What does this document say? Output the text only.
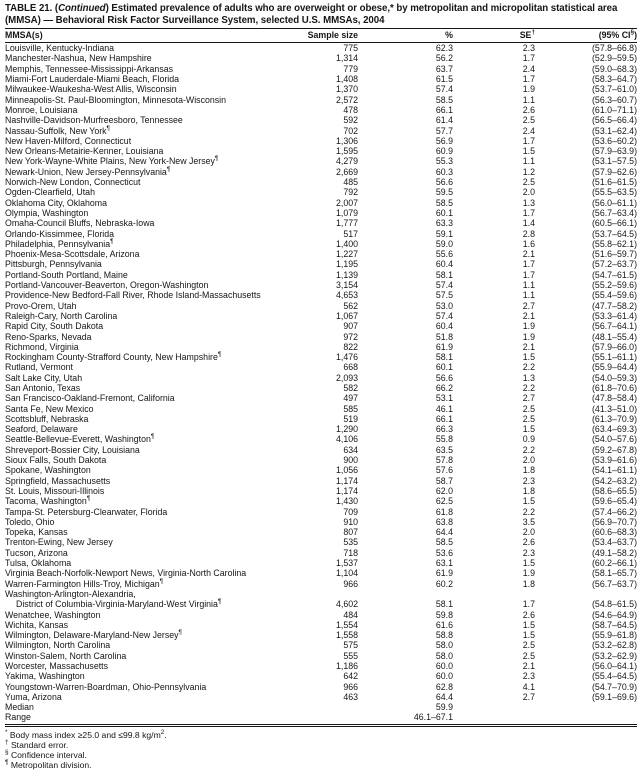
TABLE 21. (Continued) Estimated prevalence of adults who are overweight or obese,* by metropolitan and micropolitan statistical area (MMSA) — Behavioral Risk Factor Surveillance System, selected U.S. MMSAs, 2004
MMSA(s)	Sample size	%	SE†	(95% CI§)
Louisville, Kentucky-Indiana	775	62.3	2.3	(57.8–66.8)
Manchester-Nashua, New Hampshire	1,314	56.2	1.7	(52.9–59.5)
Memphis, Tennessee-Mississippi-Arkansas	779	63.7	2.4	(59.0–68.3)
Miami-Fort Lauderdale-Miami Beach, Florida	1,408	61.5	1.7	(58.3–64.7)
Milwaukee-Waukesha-West Allis, Wisconsin	1,370	57.4	1.9	(53.7–61.0)
Minneapolis-St. Paul-Bloomington, Minnesota-Wisconsin	2,572	58.5	1.1	(56.3–60.7)
Monroe, Louisiana	478	66.1	2.6	(61.0–71.1)
Nashville-Davidson-Murfreesboro, Tennessee	592	61.4	2.5	(56.5–66.4)
Nassau-Suffolk, New York¶	702	57.7	2.4	(53.1–62.4)
New Haven-Milford, Connecticut	1,306	56.9	1.7	(53.6–60.2)
New Orleans-Metairie-Kenner, Louisiana	1,595	60.9	1.5	(57.9–63.9)
New York-Wayne-White Plains, New York-New Jersey¶	4,279	55.3	1.1	(53.1–57.5)
Newark-Union, New Jersey-Pennsylvania¶	2,669	60.3	1.2	(57.9–62.6)
Norwich-New London, Connecticut	485	56.6	2.5	(51.6–61.5)
Ogden-Clearfield, Utah	792	59.5	2.0	(55.5–63.5)
Oklahoma City, Oklahoma	2,007	58.5	1.3	(56.0–61.1)
Olympia, Washington	1,079	60.1	1.7	(56.7–63.4)
Omaha-Council Bluffs, Nebraska-Iowa	1,777	63.3	1.4	(60.5–66.1)
Orlando-Kissimmee, Florida	517	59.1	2.8	(53.7–64.5)
Philadelphia, Pennsylvania¶	1,400	59.0	1.6	(55.8–62.1)
Phoenix-Mesa-Scottsdale, Arizona	1,227	55.6	2.1	(51.6–59.7)
Pittsburgh, Pennsylvania	1,195	60.4	1.7	(57.2–63.7)
Portland-South Portland, Maine	1,139	58.1	1.7	(54.7–61.5)
Portland-Vancouver-Beaverton, Oregon-Washington	3,154	57.4	1.1	(55.2–59.6)
Providence-New Bedford-Fall River, Rhode Island-Massachusetts	4,653	57.5	1.1	(55.4–59.6)
Provo-Orem, Utah	562	53.0	2.7	(47.7–58.2)
Raleigh-Cary, North Carolina	1,067	57.4	2.1	(53.3–61.4)
Rapid City, South Dakota	907	60.4	1.9	(56.7–64.1)
Reno-Sparks, Nevada	972	51.8	1.9	(48.1–55.4)
Richmond, Virginia	822	61.9	2.1	(57.9–66.0)
Rockingham County-Strafford County, New Hampshire¶	1,476	58.1	1.5	(55.1–61.1)
Rutland, Vermont	668	60.1	2.2	(55.9–64.4)
Salt Lake City, Utah	2,093	56.6	1.3	(54.0–59.3)
San Antonio, Texas	582	66.2	2.2	(61.8–70.6)
San Francisco-Oakland-Fremont, California	497	53.1	2.7	(47.8–58.4)
Santa Fe, New Mexico	585	46.1	2.5	(41.3–51.0)
Scottsbluff, Nebraska	519	66.1	2.5	(61.3–70.9)
Seaford, Delaware	1,290	66.3	1.5	(63.4–69.3)
Seattle-Bellevue-Everett, Washington¶	4,106	55.8	0.9	(54.0–57.6)
Shreveport-Bossier City, Louisiana	634	63.5	2.2	(59.2–67.8)
Sioux Falls, South Dakota	900	57.8	2.0	(53.9–61.6)
Spokane, Washington	1,056	57.6	1.8	(54.1–61.1)
Springfield, Massachusetts	1,174	58.7	2.3	(54.2–63.2)
St. Louis, Missouri-Illinois	1,174	62.0	1.8	(58.6–65.5)
Tacoma, Washington¶	1,430	62.5	1.5	(59.6–65.4)
Tampa-St. Petersburg-Clearwater, Florida	709	61.8	2.2	(57.4–66.2)
Toledo, Ohio	910	63.8	3.5	(56.9–70.7)
Topeka, Kansas	807	64.4	2.0	(60.6–68.3)
Trenton-Ewing, New Jersey	535	58.5	2.6	(53.4–63.7)
Tucson, Arizona	718	53.6	2.3	(49.1–58.2)
Tulsa, Oklahoma	1,537	63.1	1.5	(60.2–66.1)
Virginia Beach-Norfolk-Newport News, Virginia-North Carolina	1,104	61.9	1.9	(58.1–65.7)
Warren-Farmington Hills-Troy, Michigan¶	966	60.2	1.8	(56.7–63.7)
Washington-Arlington-Alexandria,				
District of Columbia-Virginia-Maryland-West Virginia¶	4,602	58.1	1.7	(54.8–61.5)
Wenatchee, Washington	484	59.8	2.6	(54.6–64.9)
Wichita, Kansas	1,554	61.6	1.5	(58.7–64.5)
Wilmington, Delaware-Maryland-New Jersey¶	1,558	58.8	1.5	(55.9–61.8)
Wilmington, North Carolina	575	58.0	2.5	(53.2–62.8)
Winston-Salem, North Carolina	555	58.0	2.5	(53.2–62.9)
Worcester, Massachusetts	1,186	60.0	2.1	(56.0–64.1)
Yakima, Washington	642	60.0	2.3	(55.4–64.5)
Youngstown-Warren-Boardman, Ohio-Pennsylvania	966	62.8	4.1	(54.7–70.9)
Yuma, Arizona	463	64.4	2.7	(59.1–69.6)
Median		59.9		
Range		46.1–67.1		
* Body mass index ≥25.0 and ≤99.8 $kg/m^2$.
† Standard error.
§ Confidence interval.
¶ Metropolitan division.
